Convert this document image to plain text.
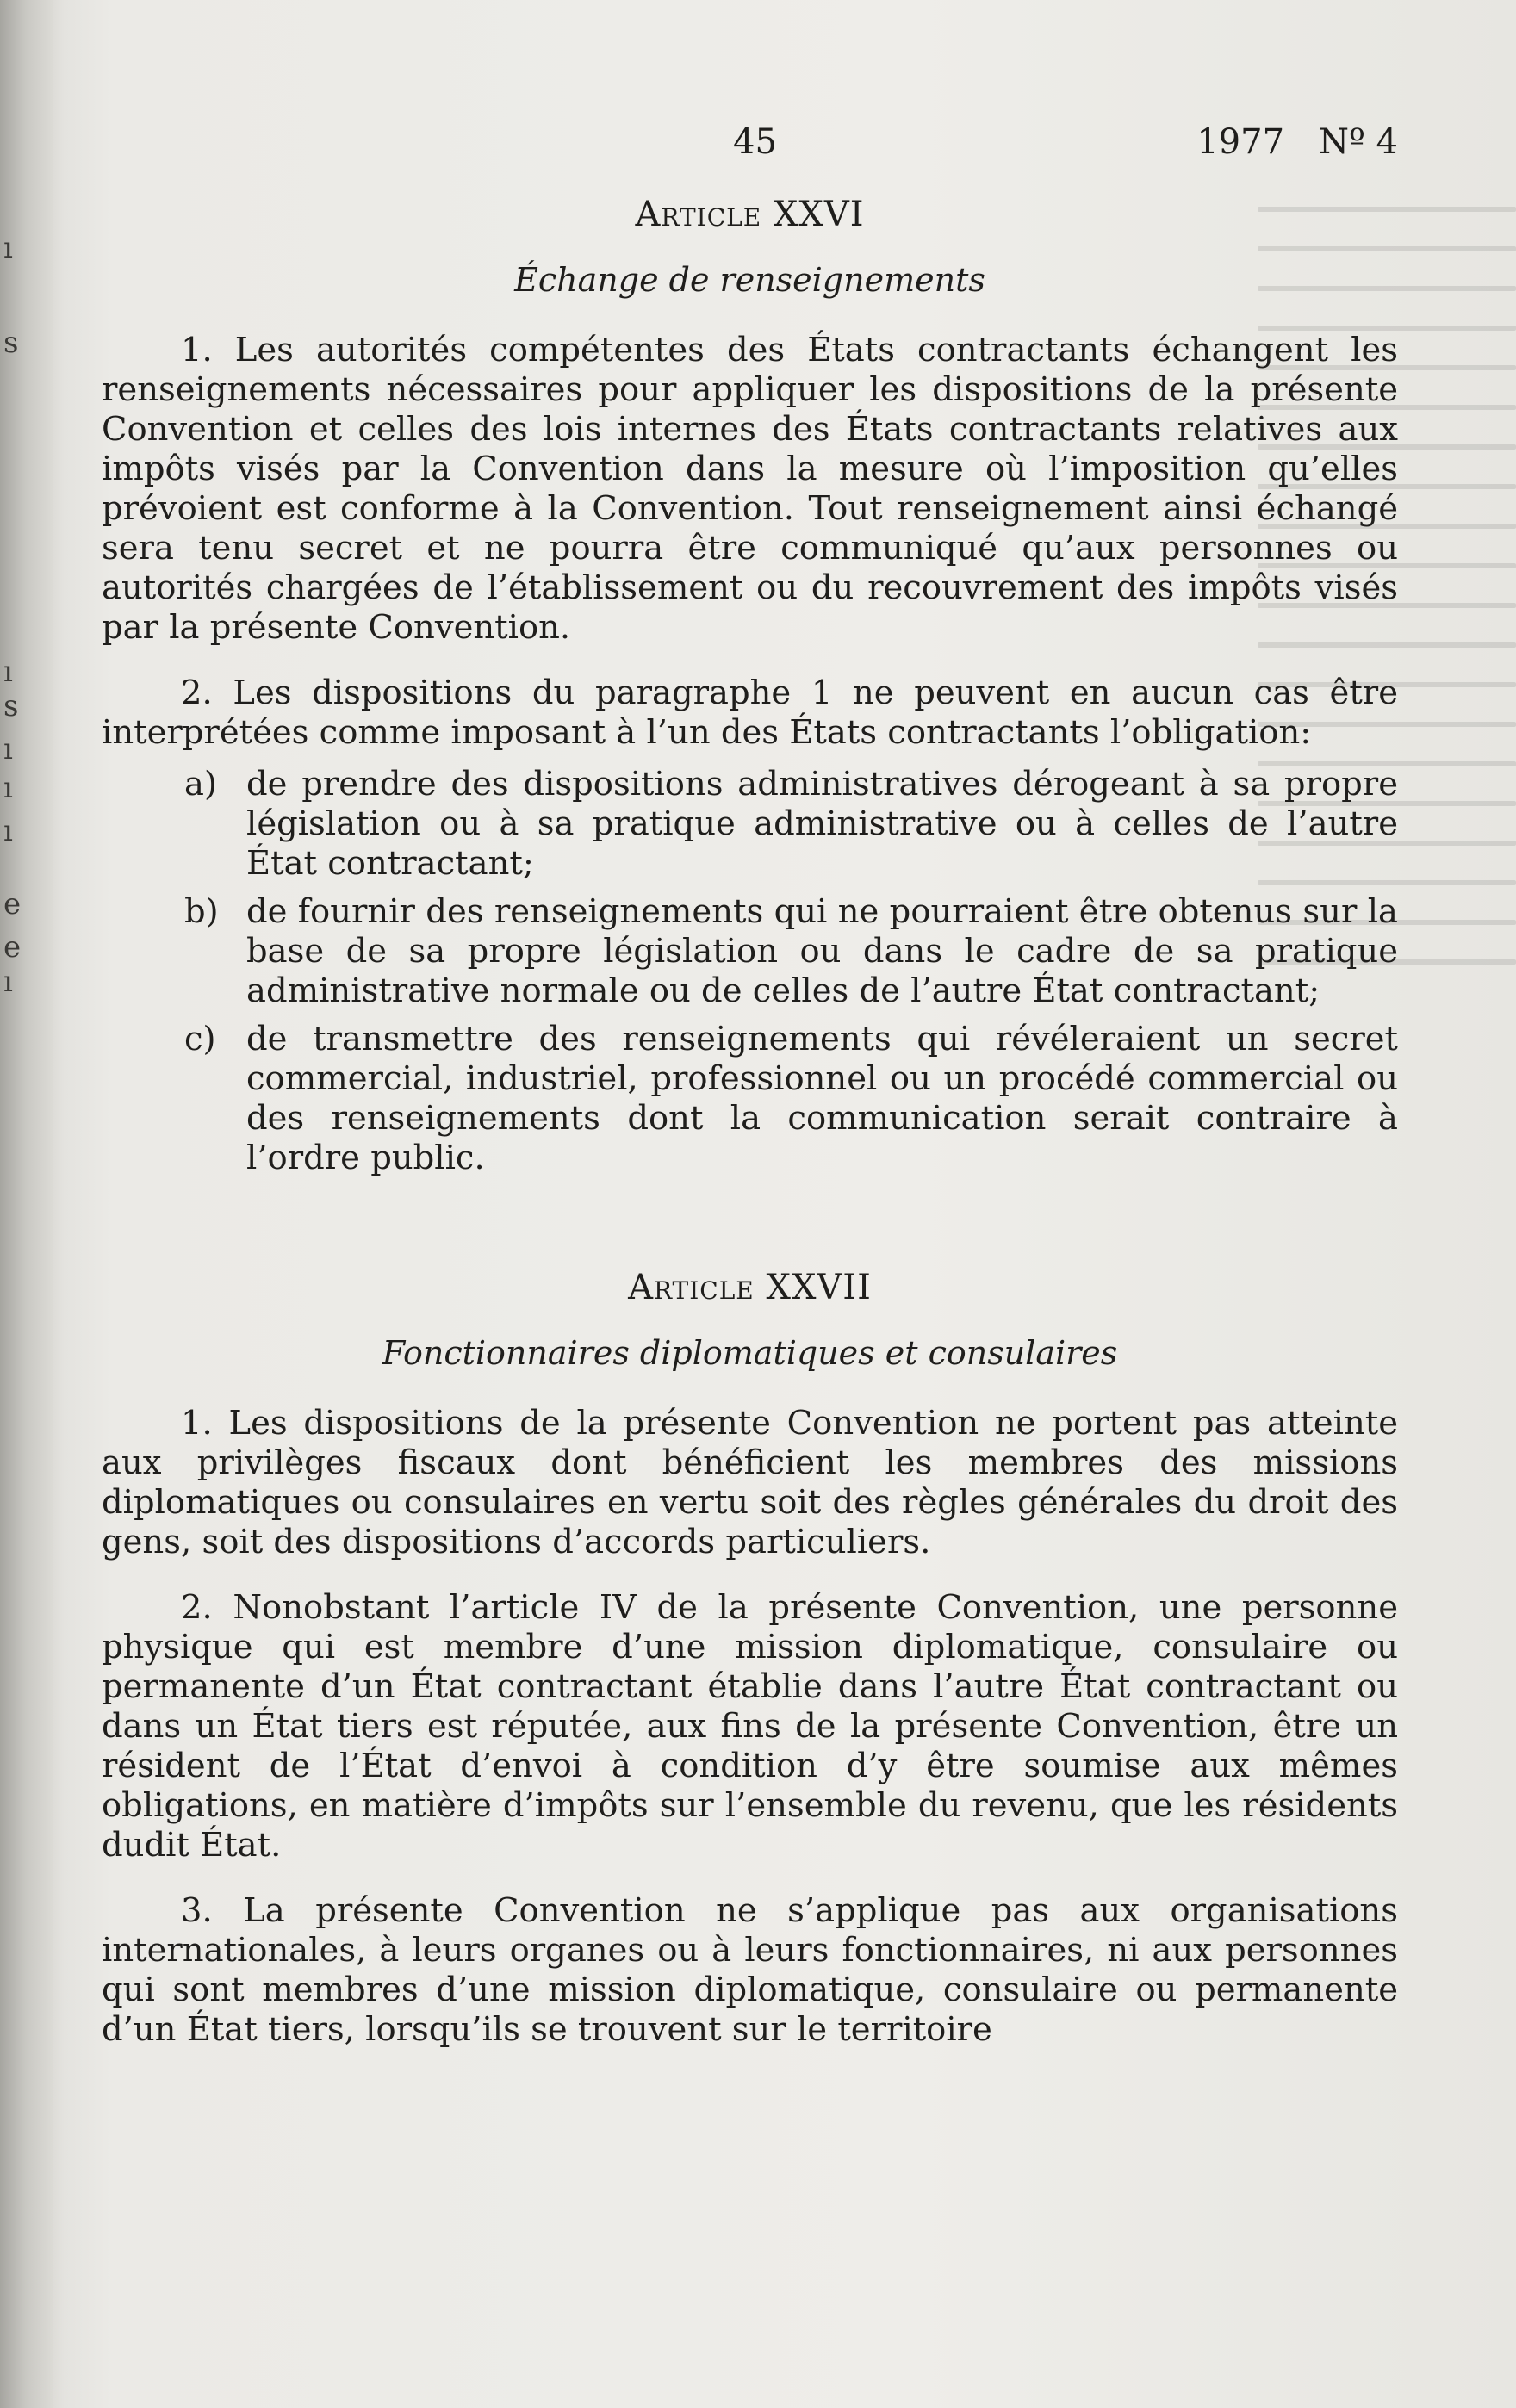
ı
s
ı
s
ı
ı
ı
e
e
ı
45	1977 Nº 4
Article XXVI
Échange de renseignements

1. Les autorités compétentes des États contractants échangent les renseignements nécessaires pour appliquer les dispositions de la présente Convention et celles des lois internes des États contractants relatives aux impôts visés par la Convention dans la mesure où l’imposition qu’elles prévoient est conforme à la Convention. Tout renseignement ainsi échangé sera tenu secret et ne pourra être communiqué qu’aux personnes ou autorités chargées de l’établissement ou du recouvrement des impôts visés par la présente Convention.

2. Les dispositions du paragraphe 1 ne peuvent en aucun cas être interprétées comme imposant à l’un des États contractants l’obligation:

a) de prendre des dispositions administratives dérogeant à sa propre législation ou à sa pratique administrative ou à celles de l’autre État contractant;
b) de fournir des renseignements qui ne pourraient être obtenus sur la base de sa propre législation ou dans le cadre de sa pratique administrative normale ou de celles de l’autre État contractant;
c) de transmettre des renseignements qui révéleraient un secret commercial, industriel, professionnel ou un procédé commercial ou des renseignements dont la communication serait contraire à l’ordre public.
Article XXVII
Fonctionnaires diplomatiques et consulaires

1. Les dispositions de la présente Convention ne portent pas atteinte aux privilèges fiscaux dont bénéficient les membres des missions diplomatiques ou consulaires en vertu soit des règles générales du droit des gens, soit des dispositions d’accords particuliers.

2. Nonobstant l’article IV de la présente Convention, une personne physique qui est membre d’une mission diplomatique, consulaire ou permanente d’un État contractant établie dans l’autre État contractant ou dans un État tiers est réputée, aux fins de la présente Convention, être un résident de l’État d’envoi à condition d’y être soumise aux mêmes obligations, en matière d’impôts sur l’ensemble du revenu, que les résidents dudit État.

3. La présente Convention ne s’applique pas aux organisations internationales, à leurs organes ou à leurs fonctionnaires, ni aux personnes qui sont membres d’une mission diplomatique, consulaire ou permanente d’un État tiers, lorsqu’ils se trouvent sur le territoire
